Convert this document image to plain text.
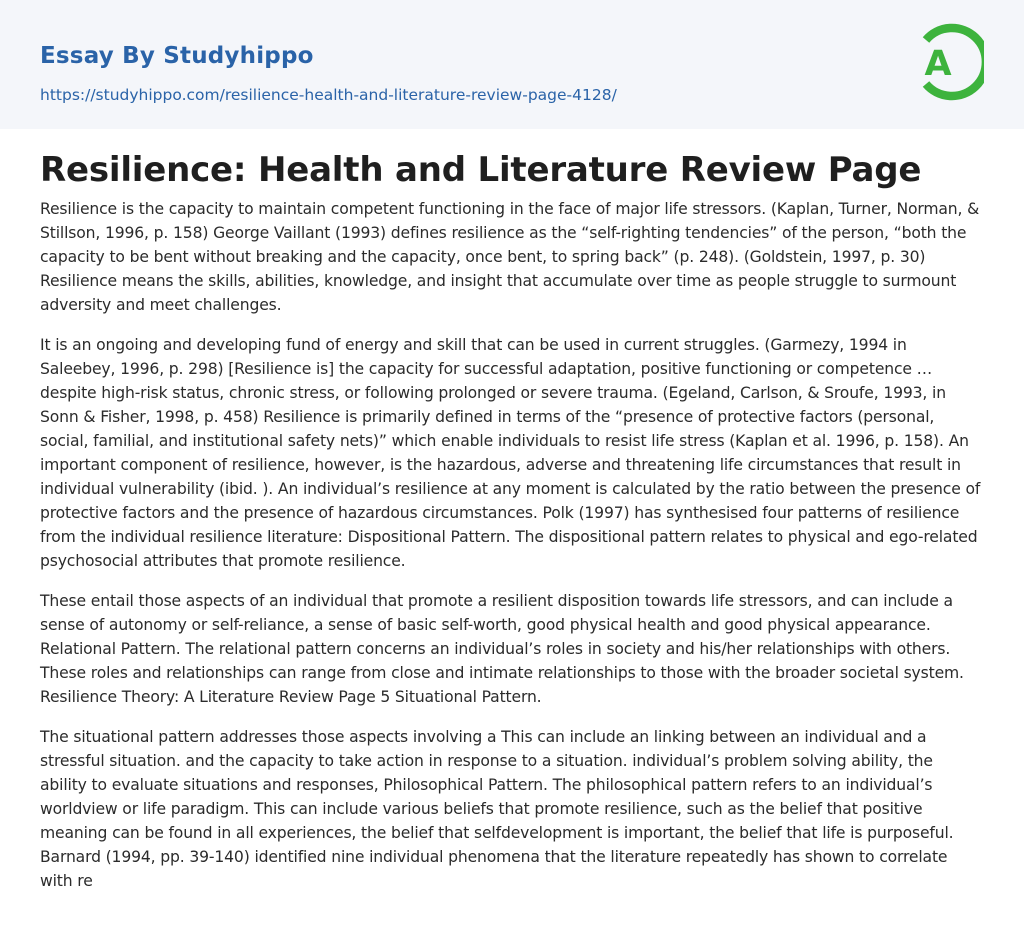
Essay By Studyhippo
https://studyhippo.com/resilience-health-and-literature-review-page-4128/
A
Resilience: Health and Literature Review Page

Resilience is the capacity to maintain competent functioning in the face of major life stressors. (Kaplan, Turner, Norman, & Stillson, 1996, p. 158) George Vaillant (1993) defines resilience as the “self-righting tendencies” of the person, “both the capacity to be bent without breaking and the capacity, once bent, to spring back” (p. 248). (Goldstein, 1997, p. 30) Resilience means the skills, abilities, knowledge, and insight that accumulate over time as people struggle to surmount adversity and meet challenges.

It is an ongoing and developing fund of energy and skill that can be used in current struggles. (Garmezy, 1994 in Saleebey, 1996, p. 298) [Resilience is] the capacity for successful adaptation, positive functioning or competence … despite high-risk status, chronic stress, or following prolonged or severe trauma. (Egeland, Carlson, & Sroufe, 1993, in Sonn & Fisher, 1998, p. 458) Resilience is primarily defined in terms of the “presence of protective factors (personal, social, familial, and institutional safety nets)” which enable individuals to resist life stress (Kaplan et al. 1996, p. 158). An important component of resilience, however, is the hazardous, adverse and threatening life circumstances that result in individual vulnerability (ibid. ). An individual’s resilience at any moment is calculated by the ratio between the presence of protective factors and the presence of hazardous circumstances. Polk (1997) has synthesised four patterns of resilience from the individual resilience literature: Dispositional Pattern. The dispositional pattern relates to physical and ego-related psychosocial attributes that promote resilience.

These entail those aspects of an individual that promote a resilient disposition towards life stressors, and can include a sense of autonomy or self-reliance, a sense of basic self-worth, good physical health and good physical appearance. Relational Pattern. The relational pattern concerns an individual’s roles in society and his/her relationships with others. These roles and relationships can range from close and intimate relationships to those with the broader societal system. Resilience Theory: A Literature Review Page 5 Situational Pattern.

The situational pattern addresses those aspects involving a This can include an linking between an individual and a stressful situation. and the capacity to take action in response to a situation. individual’s problem solving ability, the ability to evaluate situations and responses, Philosophical Pattern. The philosophical pattern refers to an individual’s worldview or life paradigm. This can include various beliefs that promote resilience, such as the belief that positive meaning can be found in all experiences, the belief that selfdevelopment is important, the belief that life is purposeful. Barnard (1994, pp. 39-140) identified nine individual phenomena that the literature repeatedly has shown to correlate with re
